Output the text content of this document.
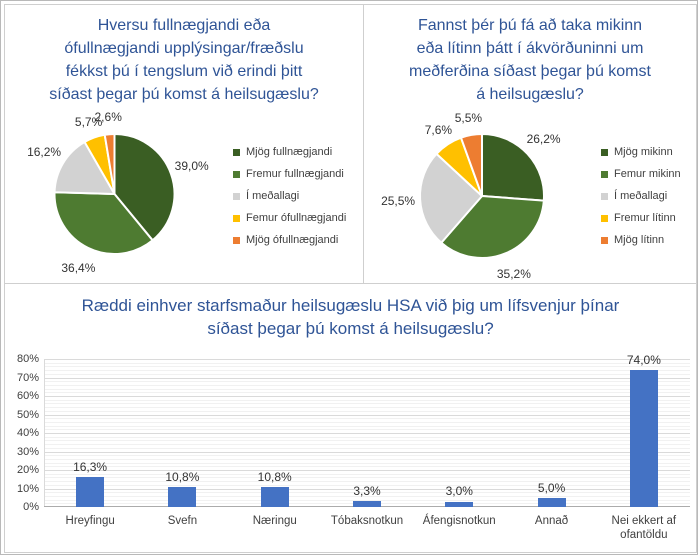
Hversu fullnægjandi eða
ófullnægjandi upplýsingar/fræðslu
fékkst þú í tengslum við erindi þitt
síðast þegar þú komst á heilsugæslu?
39,0%
36,4%
16,2%
5,7%
2,6%
Mjög fullnægjandi
Fremur fullnægjandi
Í meðallagi
Femur ófullnægjandi
Mjög ófullnægjandi
Fannst þér þú fá að taka mikinn
eða lítinn þátt í ákvörðuninni um
meðferðina síðast þegar þú komst
á heilsugæslu?
26,2%
35,2%
25,5%
7,6%
5,5%
Mjög mikinn
Femur mikinn
Í meðallagi
Fremur lítinn
Mjög lítinn
Ræddi einhver starfsmaður heilsugæslu HSA við þig um lífsvenjur þínar
síðast þegar þú komst á heilsugæslu?
0%
10%
20%
30%
40%
50%
60%
70%
80%
16,3%
10,8%	10,8%
3,3%	3,0%	5,0%
74,0%
Hreyfingu	Svefn	Næringu	Tóbaksnotkun	Áfengisnotkun	Annað	Nei ekkert af ofantöldu
